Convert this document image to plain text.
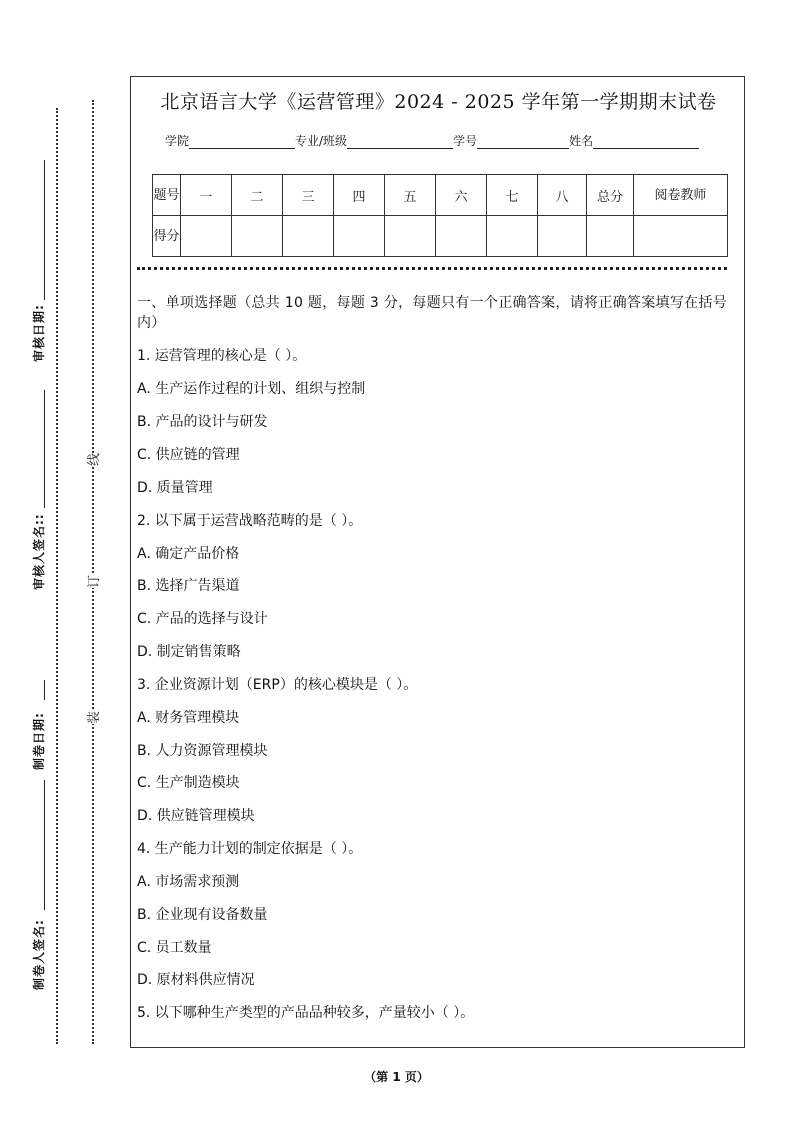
审核日期:
审核人签名::
制卷日期:
制卷人签名:
线
订
装
北京语言大学《运营管理》2024 - 2025 学年第一学期期末试卷
学院	专业/班级	学号	姓名
题号	一	二	三	四	五	六	七	八	总分	阅卷教师
得分										
一、单项选择题（总共 10 题，每题 3 分，每题只有一个正确答案，请将正确答案填写在括号内）
1. 运营管理的核心是（ ）。
A. 生产运作过程的计划、组织与控制
B. 产品的设计与研发
C. 供应链的管理
D. 质量管理
2. 以下属于运营战略范畴的是（ ）。
A. 确定产品价格
B. 选择广告渠道
C. 产品的选择与设计
D. 制定销售策略
3. 企业资源计划（ERP）的核心模块是（ ）。
A. 财务管理模块
B. 人力资源管理模块
C. 生产制造模块
D. 供应链管理模块
4. 生产能力计划的制定依据是（ ）。
A. 市场需求预测
B. 企业现有设备数量
C. 员工数量
D. 原材料供应情况
5. 以下哪种生产类型的产品品种较多，产量较小（ ）。
（第 1 页）
